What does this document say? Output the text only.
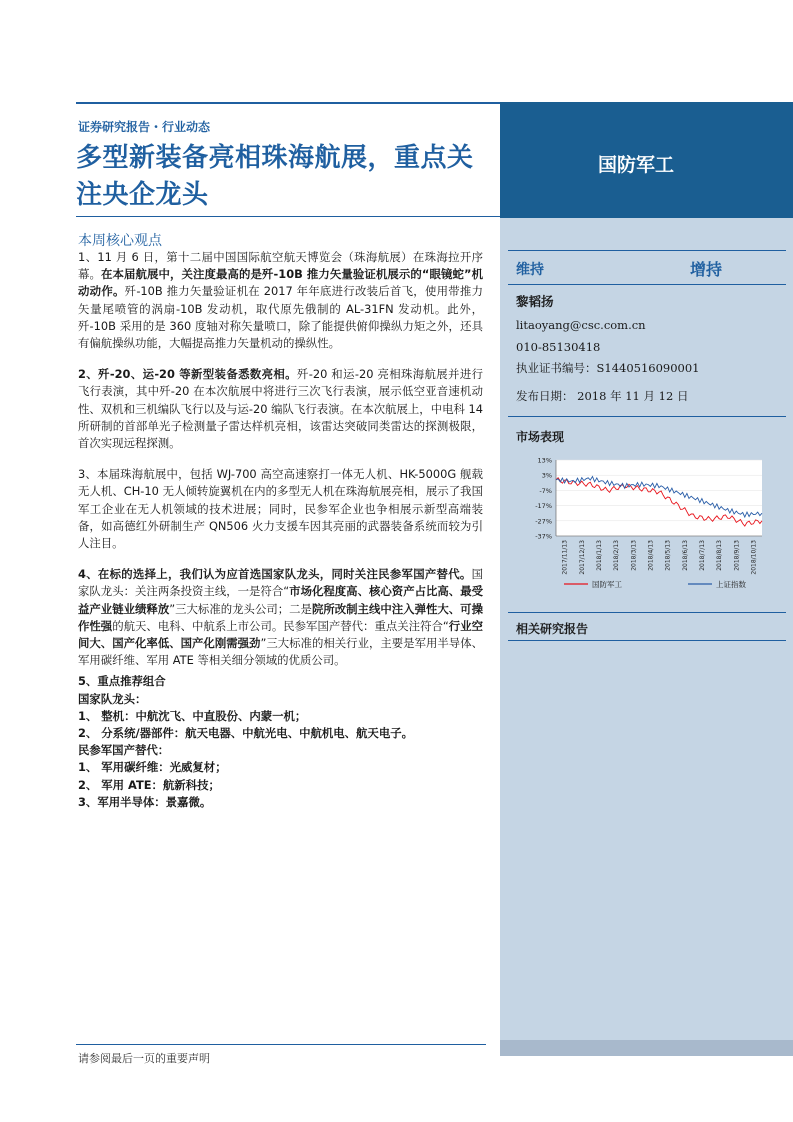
证券研究报告・行业动态
多型新装备亮相珠海航展，重点关注央企龙头
本周核心观点

1、11 月 6 日，第十二届中国国际航空航天博览会（珠海航展）在珠海拉开序幕。在本届航展中，关注度最高的是歼-10B 推力矢量验证机展示的“眼镜蛇”机动动作。歼-10B 推力矢量验证机在 2017 年年底进行改装后首飞，使用带推力矢量尾喷管的涡扇-10B 发动机，取代原先俄制的 AL-31FN 发动机。此外，歼-10B 采用的是 360 度轴对称矢量喷口，除了能提供俯仰操纵力矩之外，还具有偏航操纵功能，大幅提高推力矢量机动的操纵性。

2、歼-20、运-20 等新型装备悉数亮相。歼-20 和运-20 亮相珠海航展并进行飞行表演，其中歼-20 在本次航展中将进行三次飞行表演，展示低空亚音速机动性、双机和三机编队飞行以及与运-20 编队飞行表演。在本次航展上，中电科 14 所研制的首部单光子检测量子雷达样机亮相，该雷达突破同类雷达的探测极限，首次实现远程探测。

3、本届珠海航展中，包括 WJ-700 高空高速察打一体无人机、HK-5000G 舰载无人机、CH-10 无人倾转旋翼机在内的多型无人机在珠海航展亮相，展示了我国军工企业在无人机领域的技术进展；同时，民参军企业也争相展示新型高端装备，如高德红外研制生产 QN506 火力支援车因其亮丽的武器装备系统而较为引人注目。

4、在标的选择上，我们认为应首选国家队龙头，同时关注民参军国产替代。国家队龙头：关注两条投资主线，一是符合“市场化程度高、核心资产占比高、最受益产业链业绩释放”三大标准的龙头公司；二是院所改制主线中注入弹性大、可操作性强的航天、电科、中航系上市公司。民参军国产替代：重点关注符合“行业空间大、国产化率低、国产化刚需强劲”三大标准的相关行业，主要是军用半导体、军用碳纤维、军用 ATE 等相关细分领域的优质公司。

5、重点推荐组合

国家队龙头：

1、 整机：中航沈飞、中直股份、内蒙一机；

2、 分系统/器部件：航天电器、中航光电、中航机电、航天电子。

民参军国产替代：

1、 军用碳纤维：光威复材；

2、 军用 ATE：航新科技；

3、军用半导体：景嘉微。

国防军工
维持	增持
黎韬扬
litaoyang@csc.com.cn
010-85130418
执业证书编号：S1440516090001
发布日期： 2018 年 11 月 12 日
市场表现
13%
3%
-7%
-17%
-27%
-37%
2017/11/13 2017/12/13 2018/1/13 2018/2/13 2018/3/13 2018/4/13 2018/5/13 2018/6/13 2018/7/13 2018/8/13 2018/9/13 2018/10/13
国防军工	上证指数
相关研究报告
请参阅最后一页的重要声明
